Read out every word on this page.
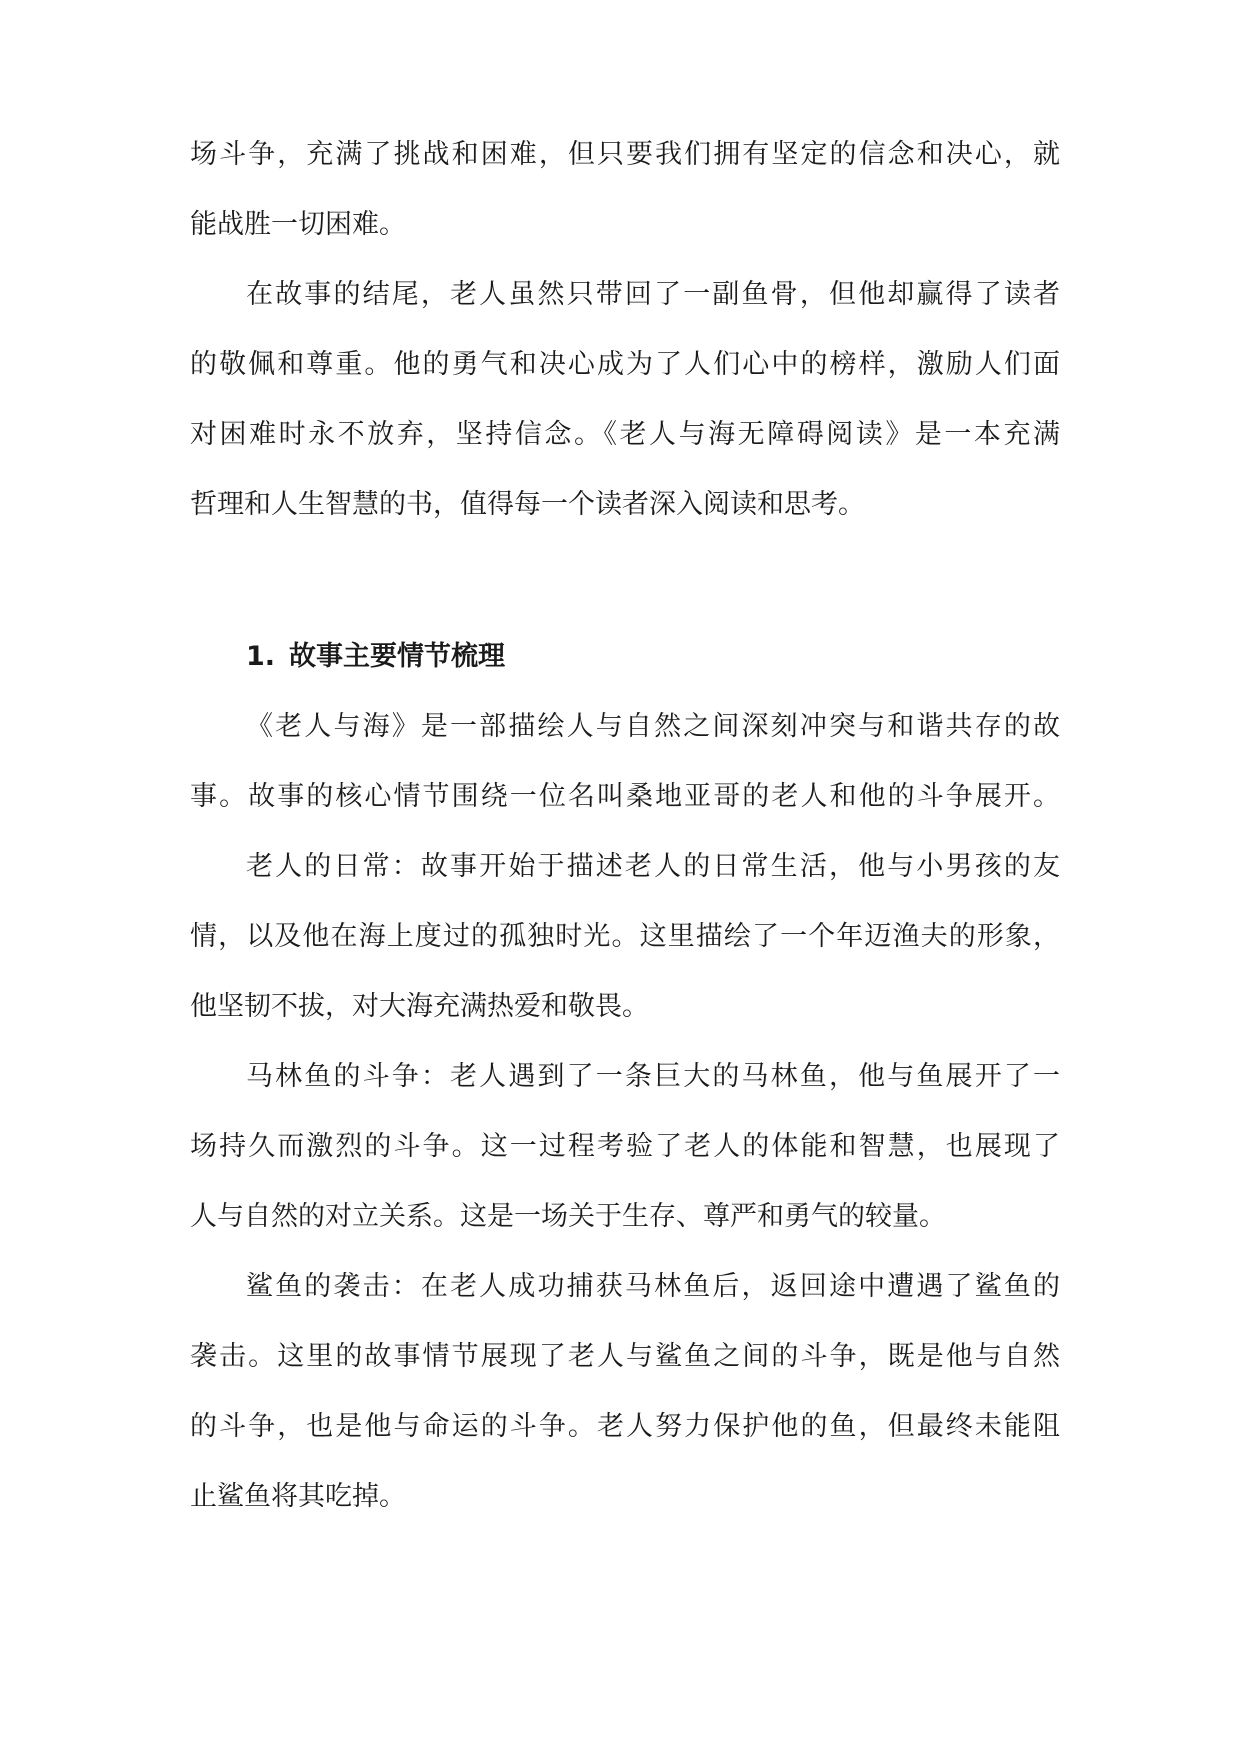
场斗争，充满了挑战和困难，但只要我们拥有坚定的信念和决心，就
能战胜一切困难。
在故事的结尾，老人虽然只带回了一副鱼骨，但他却赢得了读者
的敬佩和尊重。他的勇气和决心成为了人们心中的榜样，激励人们面
对困难时永不放弃，坚持信念。《老人与海无障碍阅读》是一本充满
哲理和人生智慧的书，值得每一个读者深入阅读和思考。
1. 故事主要情节梳理
《老人与海》是一部描绘人与自然之间深刻冲突与和谐共存的故
事。故事的核心情节围绕一位名叫桑地亚哥的老人和他的斗争展开。
老人的日常：故事开始于描述老人的日常生活，他与小男孩的友
情，以及他在海上度过的孤独时光。这里描绘了一个年迈渔夫的形象，
他坚韧不拔，对大海充满热爱和敬畏。
马林鱼的斗争：老人遇到了一条巨大的马林鱼，他与鱼展开了一
场持久而激烈的斗争。这一过程考验了老人的体能和智慧，也展现了
人与自然的对立关系。这是一场关于生存、尊严和勇气的较量。
鲨鱼的袭击：在老人成功捕获马林鱼后，返回途中遭遇了鲨鱼的
袭击。这里的故事情节展现了老人与鲨鱼之间的斗争，既是他与自然
的斗争，也是他与命运的斗争。老人努力保护他的鱼，但最终未能阻
止鲨鱼将其吃掉。
